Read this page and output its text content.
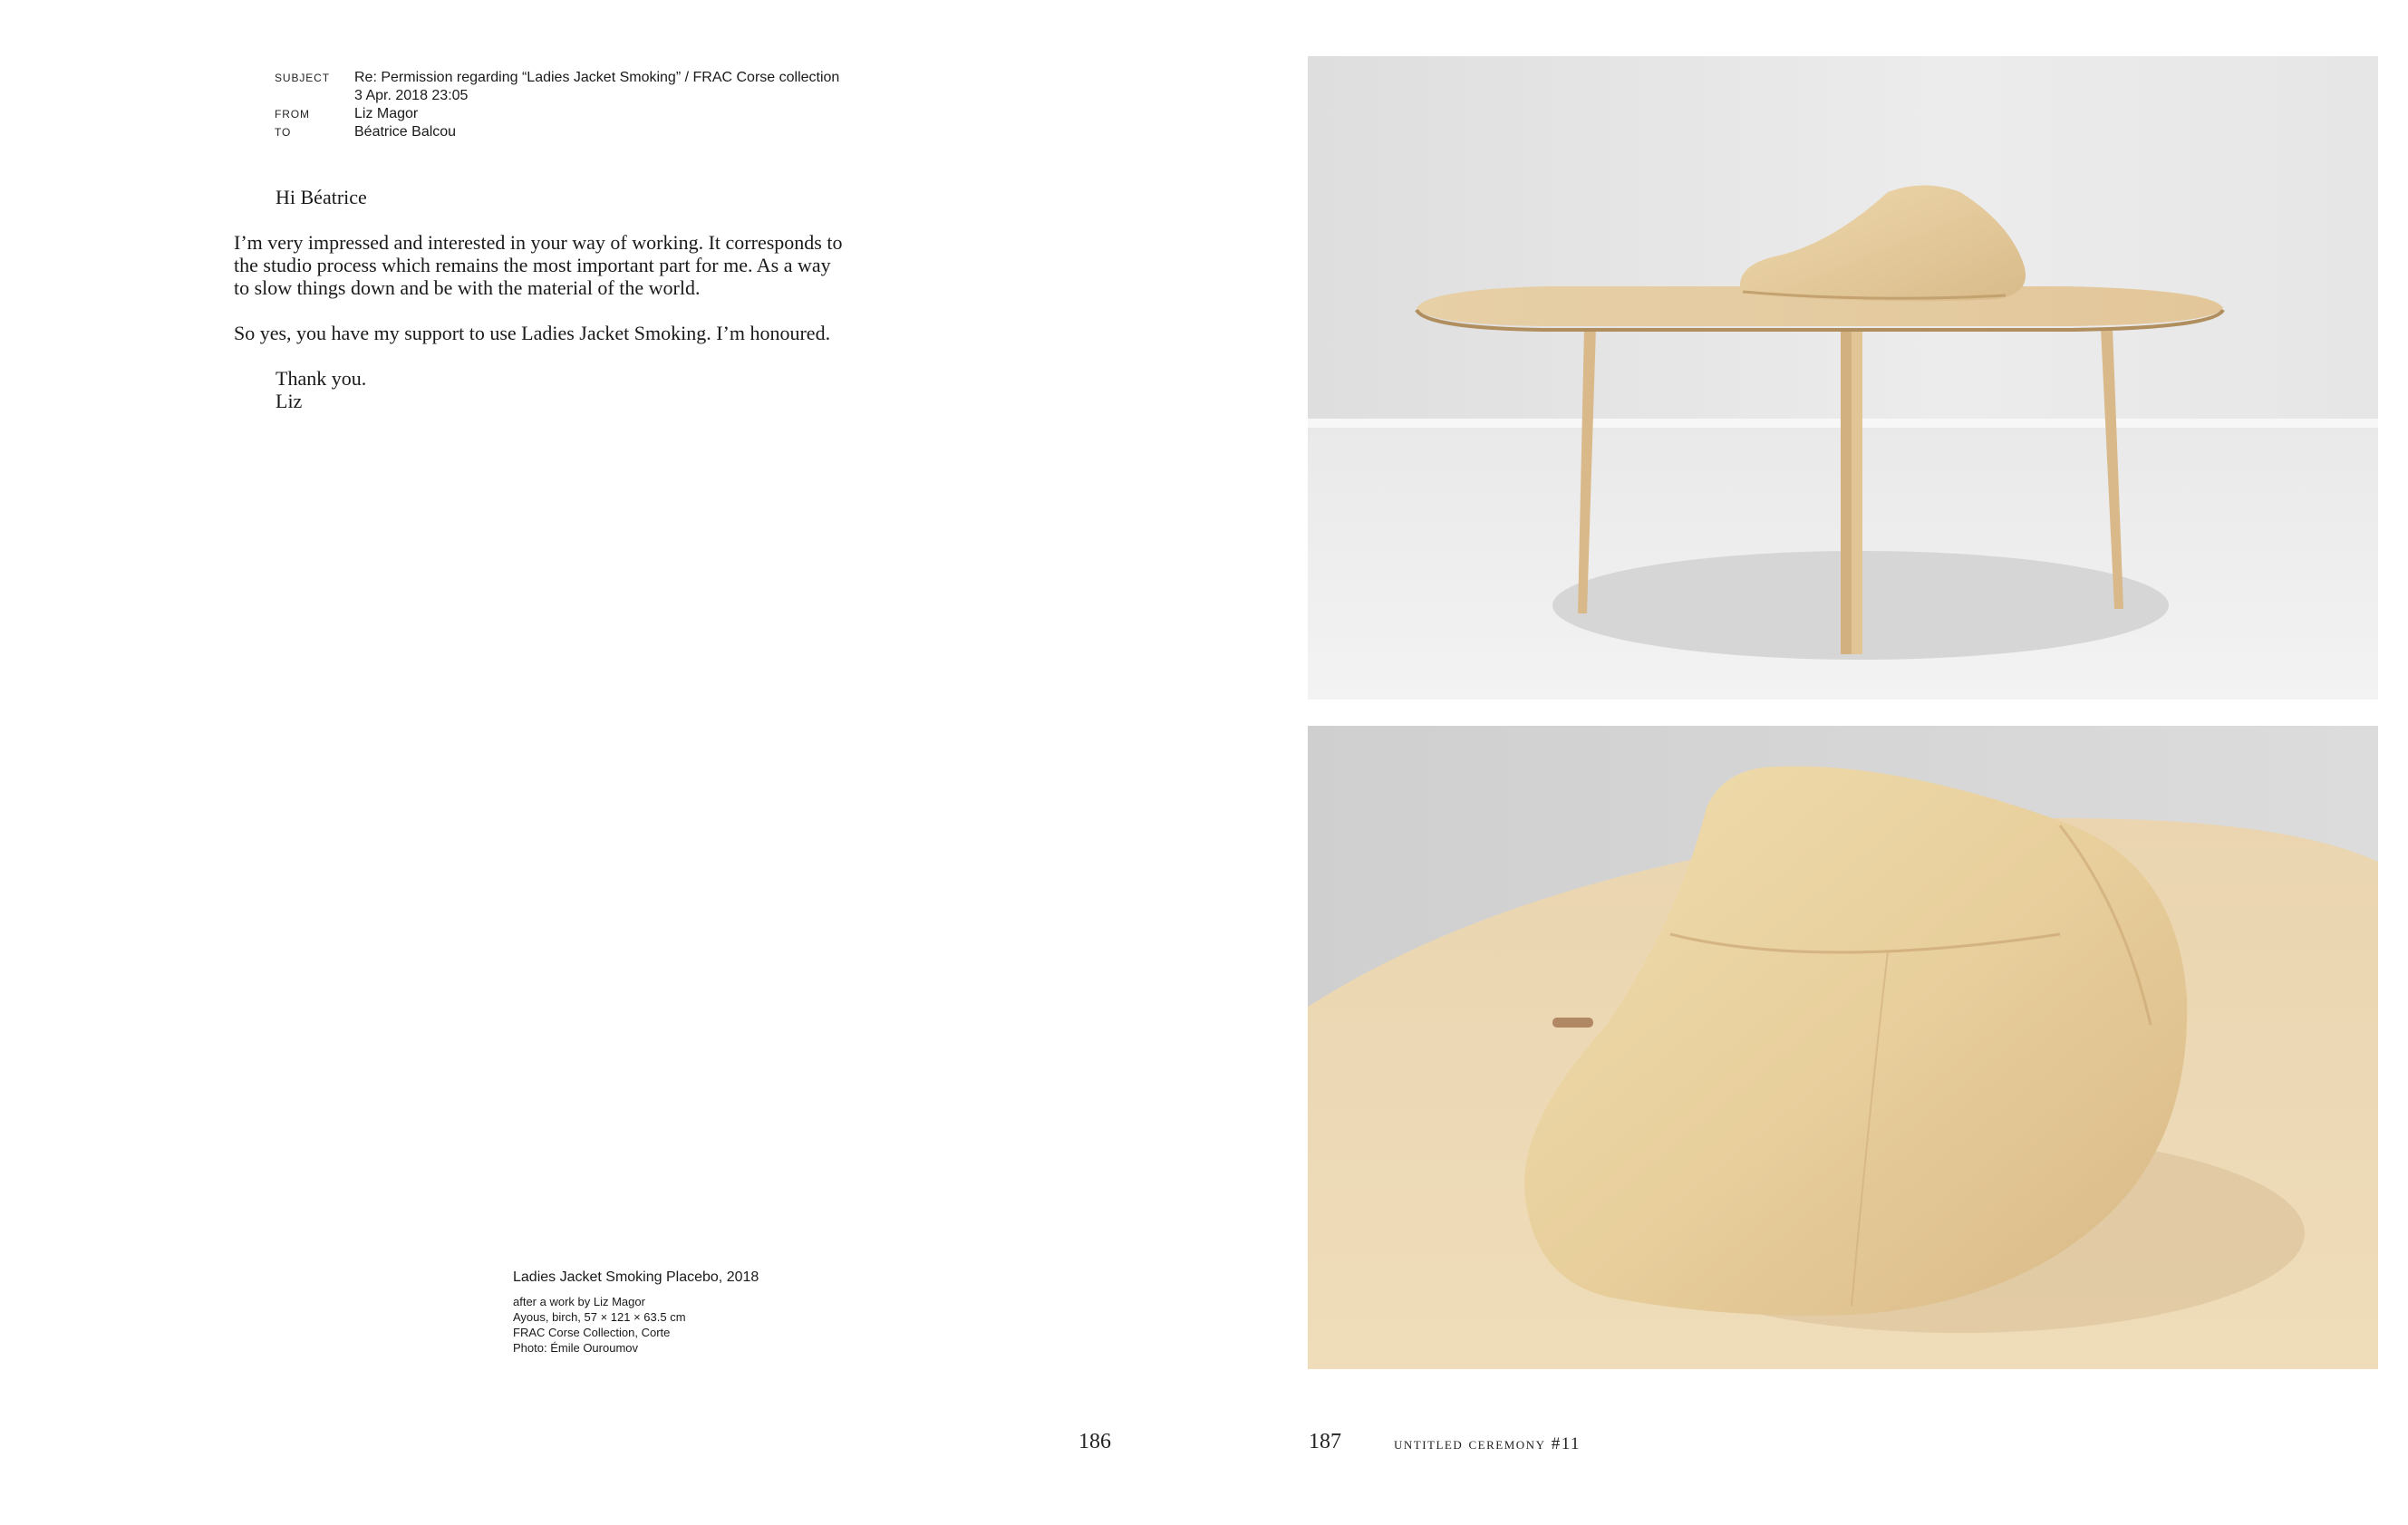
SUBJECT	Re: Permission regarding “Ladies Jacket Smoking” / FRAC Corse collection
3 Apr. 2018 23:05
FROM	Liz Magor
TO	Béatrice Balcou

Hi Béatrice

I’m very impressed and interested in your way of working. It corresponds to

the studio process which remains the most important part for me. As a way

to slow things down and be with the material of the world.

So yes, you have my support to use Ladies Jacket Smoking. I’m honoured.

Thank you.

Liz

Ladies Jacket Smoking Placebo, 2018
after a work by Liz Magor
Ayous, birch, 57 × 121 × 63.5 cm
FRAC Corse Collection, Corte
Photo: Émile Ouroumov
186	187	untitled ceremony #11
